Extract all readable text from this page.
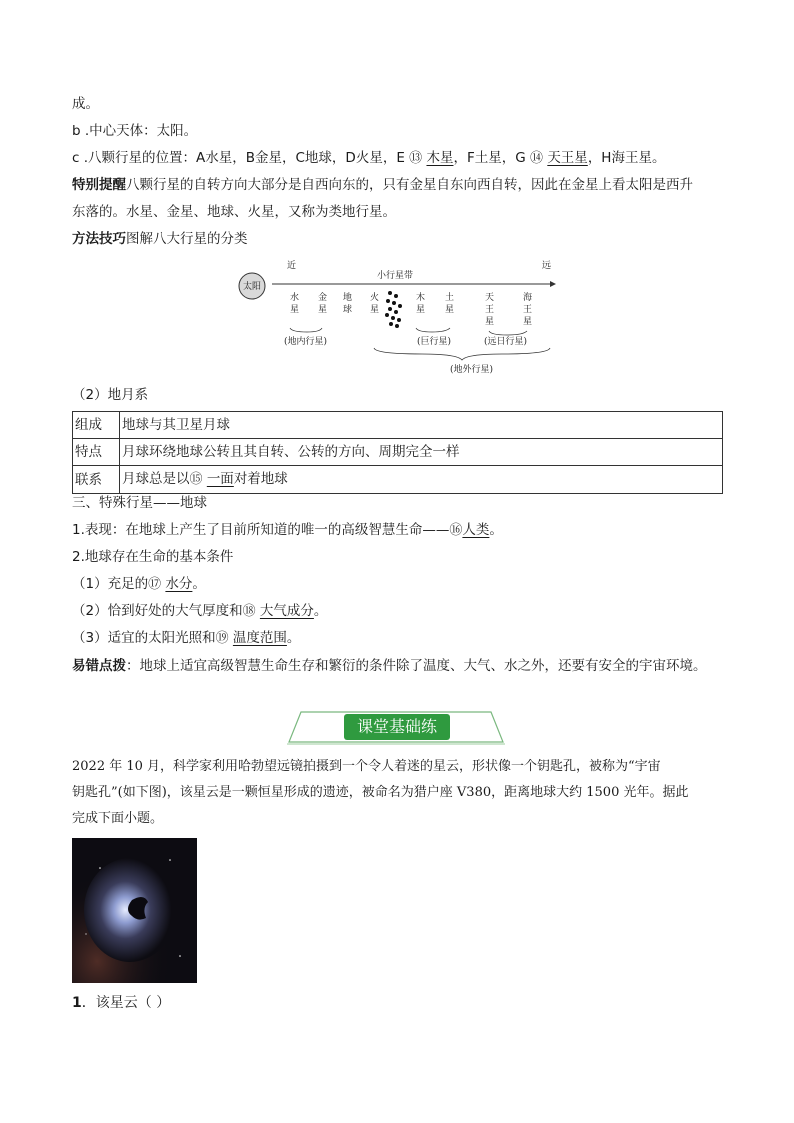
成。
b .中心天体：太阳。
c .八颗行星的位置：A水星，B金星，C地球，D火星，E ⑬ 木星，F土星，G ⑭ 天王星，H海王星。
特别提醒八颗行星的自转方向大部分是自西向东的，只有金星自东向西自转，因此在金星上看太阳是西升
东落的。水星、金星、地球、火星，又称为类地行星。
方法技巧图解八大行星的分类
太阳
近	远
小行星带
水
星
金
星
地
球
火
星
木
星
土
星
天
王
星
海
王
星
(地内行星)	(巨行星)	(远日行星)
(地外行星)
（2）地月系
组成	地球与其卫星月球
特点	月球环绕地球公转且其自转、公转的方向、周期完全一样
联系	月球总是以⑮ 一面对着地球
三、特殊行星——地球
1.表现：在地球上产生了目前所知道的唯一的高级智慧生命——⑯人类。
2.地球存在生命的基本条件
（1）充足的⑰ 水分。
（2）恰到好处的大气厚度和⑱ 大气成分。
（3）适宜的太阳光照和⑲ 温度范围。
易错点拨：地球上适宜高级智慧生命生存和繁衍的条件除了温度、大气、水之外，还要有安全的宇宙环境。
课堂基础练
2022 年 10 月，科学家利用哈勃望远镜拍摄到一个令人着迷的星云，形状像一个钥匙孔，被称为“宇宙
钥匙孔”(如下图)，该星云是一颗恒星形成的遗迹，被命名为猎户座 V380，距离地球大约 1500 光年。据此
完成下面小题。
1．该星云（ ）
